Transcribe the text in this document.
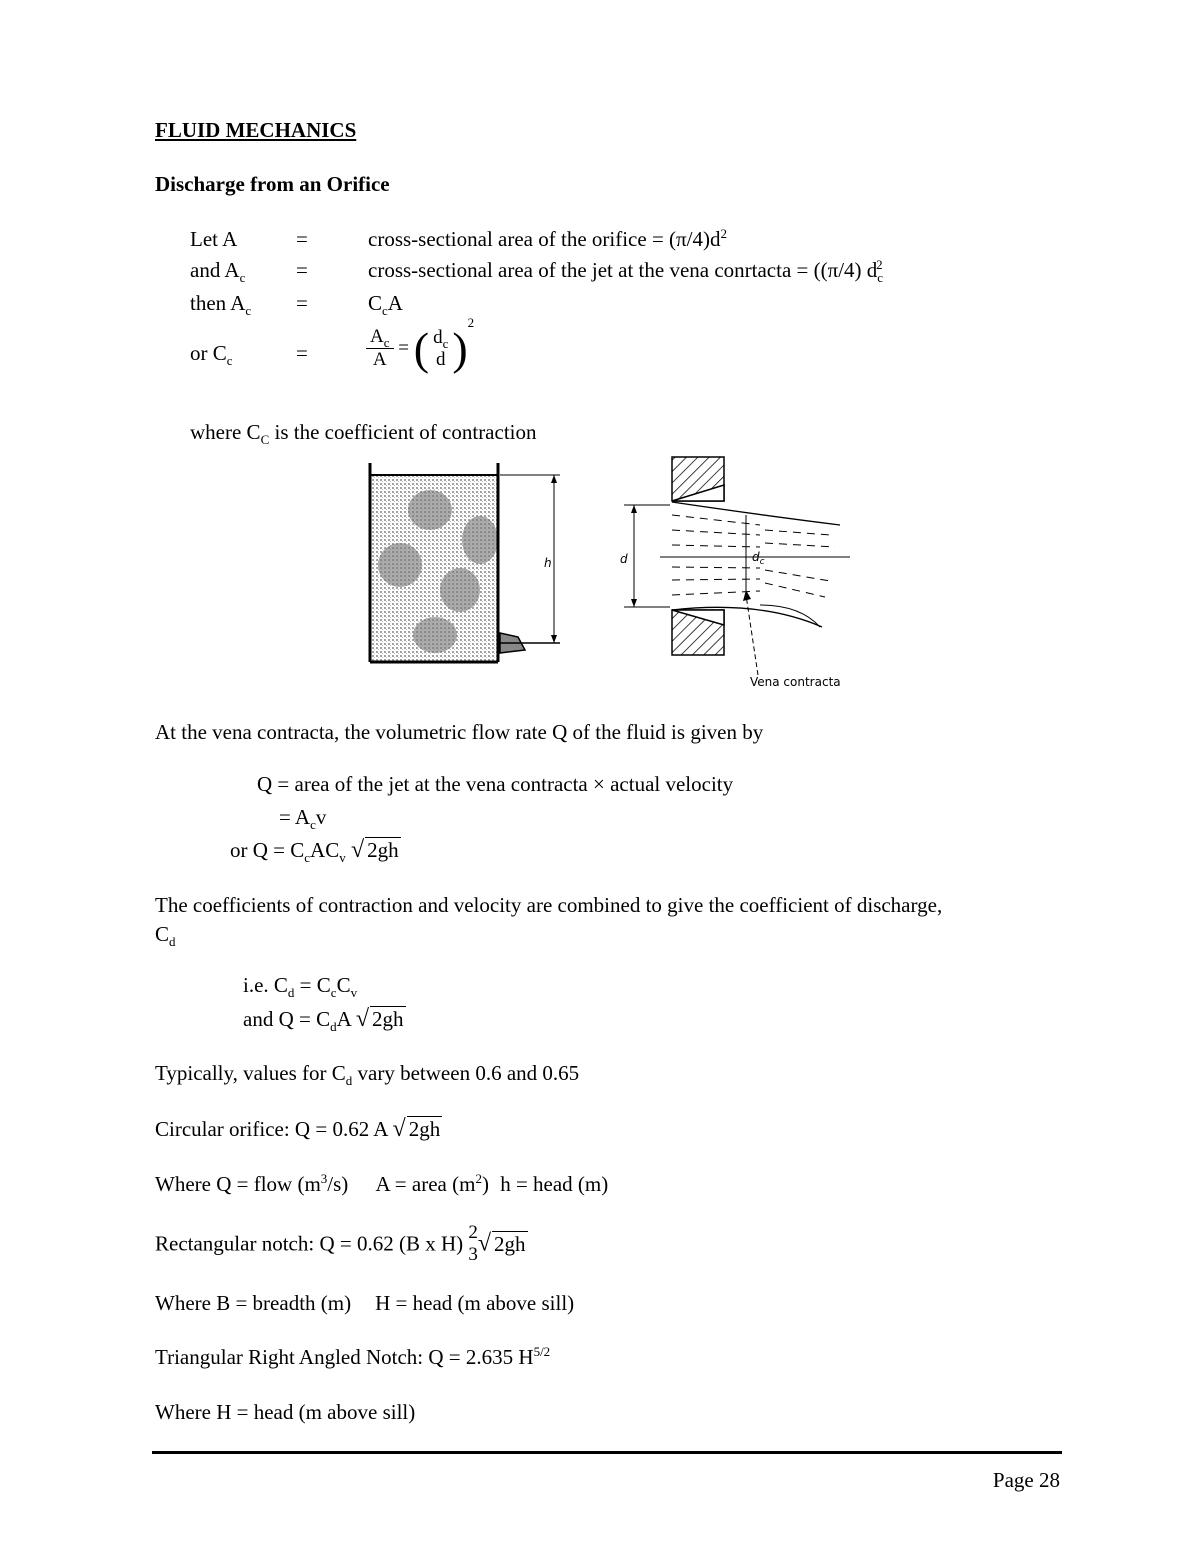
FLUID MECHANICS
Discharge from an Orifice
Let A	=	cross-sectional area of the orifice = $(\pi/4)d^2$
and $A_c$ =	cross-sectional area of the jet at the vena conrtacta = ((π/4) $d_c^2$
then $A_c$ =	$C_cA$
or $C_c$	=	$\frac{A_c}{A}$ = ( $d_c$
d )$^2$
where $C_C$ is the coefficient of contraction
h	d	$d_c$
Vena contracta
At the vena contracta, the volumetric flow rate Q of the fluid is given by
Q = area of the jet at the vena contracta × actual velocity
= $A_cv$
or $Q = C_cAC_v$ √ 2gh
The coefficients of contraction and velocity are combined to give the coefficient of discharge,
$C_d$
i.e. $C_d = C_cC_v$
and $Q = C_dA$ √ 2gh
Typically, values for $C_d$ vary between 0.6 and 0.65
Circular orifice: Q = 0.62 A √ 2gh
Where Q = flow $(m^3/s) A$ = area $(m^2) h$ = head (m)
Rectangular notch: Q = 0.62 (B x H) 2
3 √ 2gh
Where B = breadth (m) H = head (m above sill)
Triangular Right Angled Notch: Q = 2.635 $H^{5/2}$
Where H = head (m above sill)
Page 28
